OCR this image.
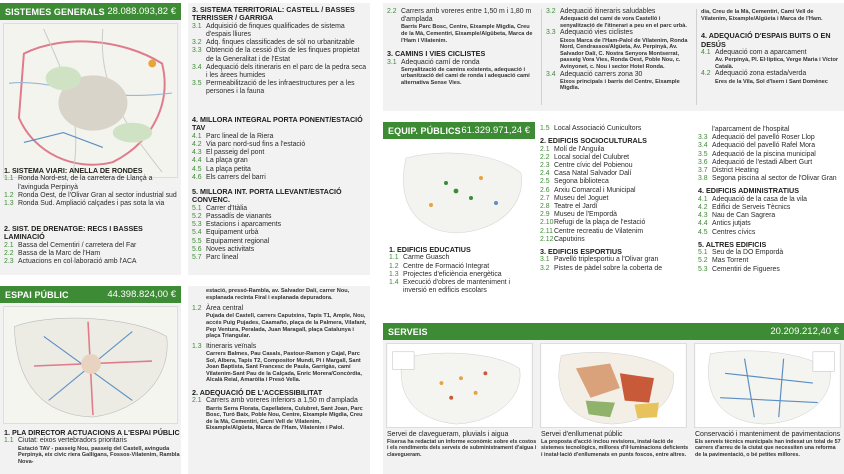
SISTEMES GENERALS 28.088.093,82 €
1. SISTEMA VIARI: ANELLA DE RONDES
1.1 Ronda Nord-est, de la carretera de Llançà a l'avinguda Perpinyà
1.2 Ronda Oest, de l'Olivar Gran al sector industrial sud
1.3 Ronda Sud. Ampliació calçades i pas sota la via
2. SIST. DE DRENATGE: RECS I BASSES LAMINACIÓ
2.1 Bassa del Cementiri / carretera del Far
2.2 Bassa de la Marc de l'Ham
2.3 Actuacions en col·laboració amb l'ACA
3. SISTEMA TERRITORIAL: CASTELL / BASSES TERRISSER / GARRIGA
3.1 Adquisició de finques qualificades de sistema d'espais lliures
3.2 Adq. finques classificades de sòl no urbanitzable
3.3 Obtenció de la cessió d'ús de les finques propietat de la Generalitat i de l'Estat
3.4 Adequació dels itineraris en el parc de la pedra seca i les àrees humides
3.5 Permeabilització de les infraestructures per a les persones i la fauna
4. MILLORA INTEGRAL PORTA PONENT/ESTACIÓ TAV
4.1 Parc lineal de la Riera
4.2 Via parc nord-sud fins a l'estació
4.3 El passeig del pont
4.4 La plaça gran
4.5 La plaça petita
4.6 Els carrers del barri
5. MILLORA INT. PORTA LLEVANT/ESTACIÓ CONVENC.
5.1 Carrer d'Itàlia
5.2 Passadís de vianants
5.3 Estacions i aparcaments
5.4 Equipament urbà
5.5 Equipament regional
5.6 Noves activitats
5.7 Parc lineal
2.2 Carrers amb voreres entre 1,50 m i 1,80 m d'amplada
Barris Parc Bosc, Centre, Eixample Migdia, Creu de la Mà, Cementiri, Eixample/Algübeta, Marca de l'Ham i Vilatenim.
3. CAMINS I VIES CICLISTES
3.1 Adequació camí de ronda
Senyalització de camins existents, adequació i urbanització del camí de ronda i adequació camí alternativa Sense Vies.
3.2 Adequació itineraris saludables
Adequació del camí de vora Castelló i senyalització de l'itinerari a peu en el parc urbà.
3.3 Adequació vies ciclistes
Eixos Marca de l'Ham-Palol de Vilatenim, Ronda Nord, Cendrassos/Algüeta, Av. Perpinyà, Av. Salvador Dalí, C. Nostra Senyora Montserrat, passeig Vora Vies, Ronda Oest, Poble Nou, c. Avinyonet, c. Nou i sector Hotel Ronda.
3.4 Adequació carrers zona 30
Eixos principals i barris del Centre, Eixample Migdia.
dia, Creu de la Mà, Cementiri, Camí Vell de Vilatenim, Eixample/Algüeta i Marca de l'Ham.
4. ADEQUACIÓ D'ESPAIS BUITS O EN DESÚS
4.1 Adequació com a aparcament
Av. Perpinyà, Pl. El·líptica, Verge Maria i Víctor Català.
4.2 Adequació zona estada/verda
Eres de la Vila, Sol d'Isern i Sant Domènec
ESPAI PÚBLIC	44.398.824,00 €
1. PLA DIRECTOR ACTUACIONS A L'ESPAI PÚBLIC
1.1 Ciutat: eixos vertebradors prioritaris
Estació TAV - passeig Nou, passeig del Castell, avinguda Perpinyà, eix civic riera Galligans, Fossos-Vilatenim, Rambla Nova-
estació, pressó-Rambla, av. Salvador Dalí, carrer Nou, esplanada recinta Firal i esplanada depuradora.
1.2 Àrea central
Pujada del Castell, carrers Caputxins, Tapis T1, Ample, Nou, accés Puig Pujades, Caamaño, plaça de la Palmera, Vilafant, Pep Ventura, Peralada, Juan Maragall, plaça Catalunya i plaça Triangular.
1.3 Itineraris veïnals
Carrers Balmes, Pau Casals, Pastour-Ramon y Cajal, Parc Sol, Albera, Tapis T2, Compositor Mundi, Pi i Margall, Sant Joan Baptista, Sant Francesc de Paula, Garrigàs, camí Vilatenim-Sant Pau de la Calçada, Enric Morera/Concòrdia, Alcalà Reial, Amaròlia i Presó Vella.
2. ADEQUACIÓ DE L'ACCESSIBILITAT
2.1 Carrers amb voreres inferiors a 1,50 m d'amplada
Barris Serra Florata, Capellatera, Culubret, Sant Joan, Parc Bosc, Turó Baix, Poble Nou, Centre, Eixample Migdia, Creu de la Mà, Cementiri, Camí Vell de Vilatenim, Eixample/Algüeta, Marca de l'Ham, Vilatenim i Palol.
EQUIP. PÚBLICS 61.329.971,24 €
1. EDIFICIS EDUCATIUS
1.1 Carme Guasch
1.2 Centre de Formació Integrat
1.3 Projectes d'eficiència energètica
1.4 Execució d'obres de manteniment i inversió en edificis escolars
1.5 Local Associació Cunicultors
2. EDIFICIS SOCIOCULTURALS
2.1 Molí de l'Anguila
2.2 Local social del Culubret
2.3 Centre cívic del Pobienou
2.4 Casa Natal Salvador Dalí
2.5 Segona biblioteca
2.6 Arxiu Comarcal i Municipal
2.7 Museu del Joguet
2.8 Teatre el Jardí
2.9 Museu de l'Empordà
2.10 Refugi de la plaça de l'estació
2.11 Centre recreatiu de Vilatenim
2.12 Caputxins
3. EDIFICIS ESPORTIUS
3.1 Pavelló triplesportiu a l'Olivar gran
3.2 Pistes de pàdel sobre la coberta de
l'aparcament de l'hospital
3.3 Adequació del pavelló Roser Llop
3.4 Adequació del pavelló Rafel Mora
3.5 Adequació de la piscina municipal
3.6 Adequació de l'estadi Albert Gurt
3.7 District Heating
3.8 Segona piscina al sector de l'Olivar Gran
4. EDIFICIS ADMINISTRATIUS
4.1 Adequació de la casa de la vila
4.2 Edifici de Serveis Tècnics
4.3 Nau de Can Sagrera
4.4 Antics jutjats
4.5 Centres cívics
5. ALTRES EDIFICIS
5.1 Seu de la DO Empordà
5.2 Mas Torrent
5.3 Cementiri de Figueres
SERVEIS	20.209.212,40 €
Servei de clavegueram, pluvials i aigua
Fisersa ha redactat un informe econòmic sobre els costos i els rendiments dels serveis de subministrament d'aigua i clavegueram.
Servei d'enllumenat públic
La proposta d'acció inclou revisions, instal·lació de sistemes tecnològics, millores d'il·luminacions deficients i instal·lació d'enllumenats en punts foscos, entre altres.
Conservació i manteniment de pavimentacions
Els serveis tècnics municipals han indexat un total de 57 carrers d'arreu de la ciutat que necessiten una reforma de la pavimentació, o bé petites millores.
